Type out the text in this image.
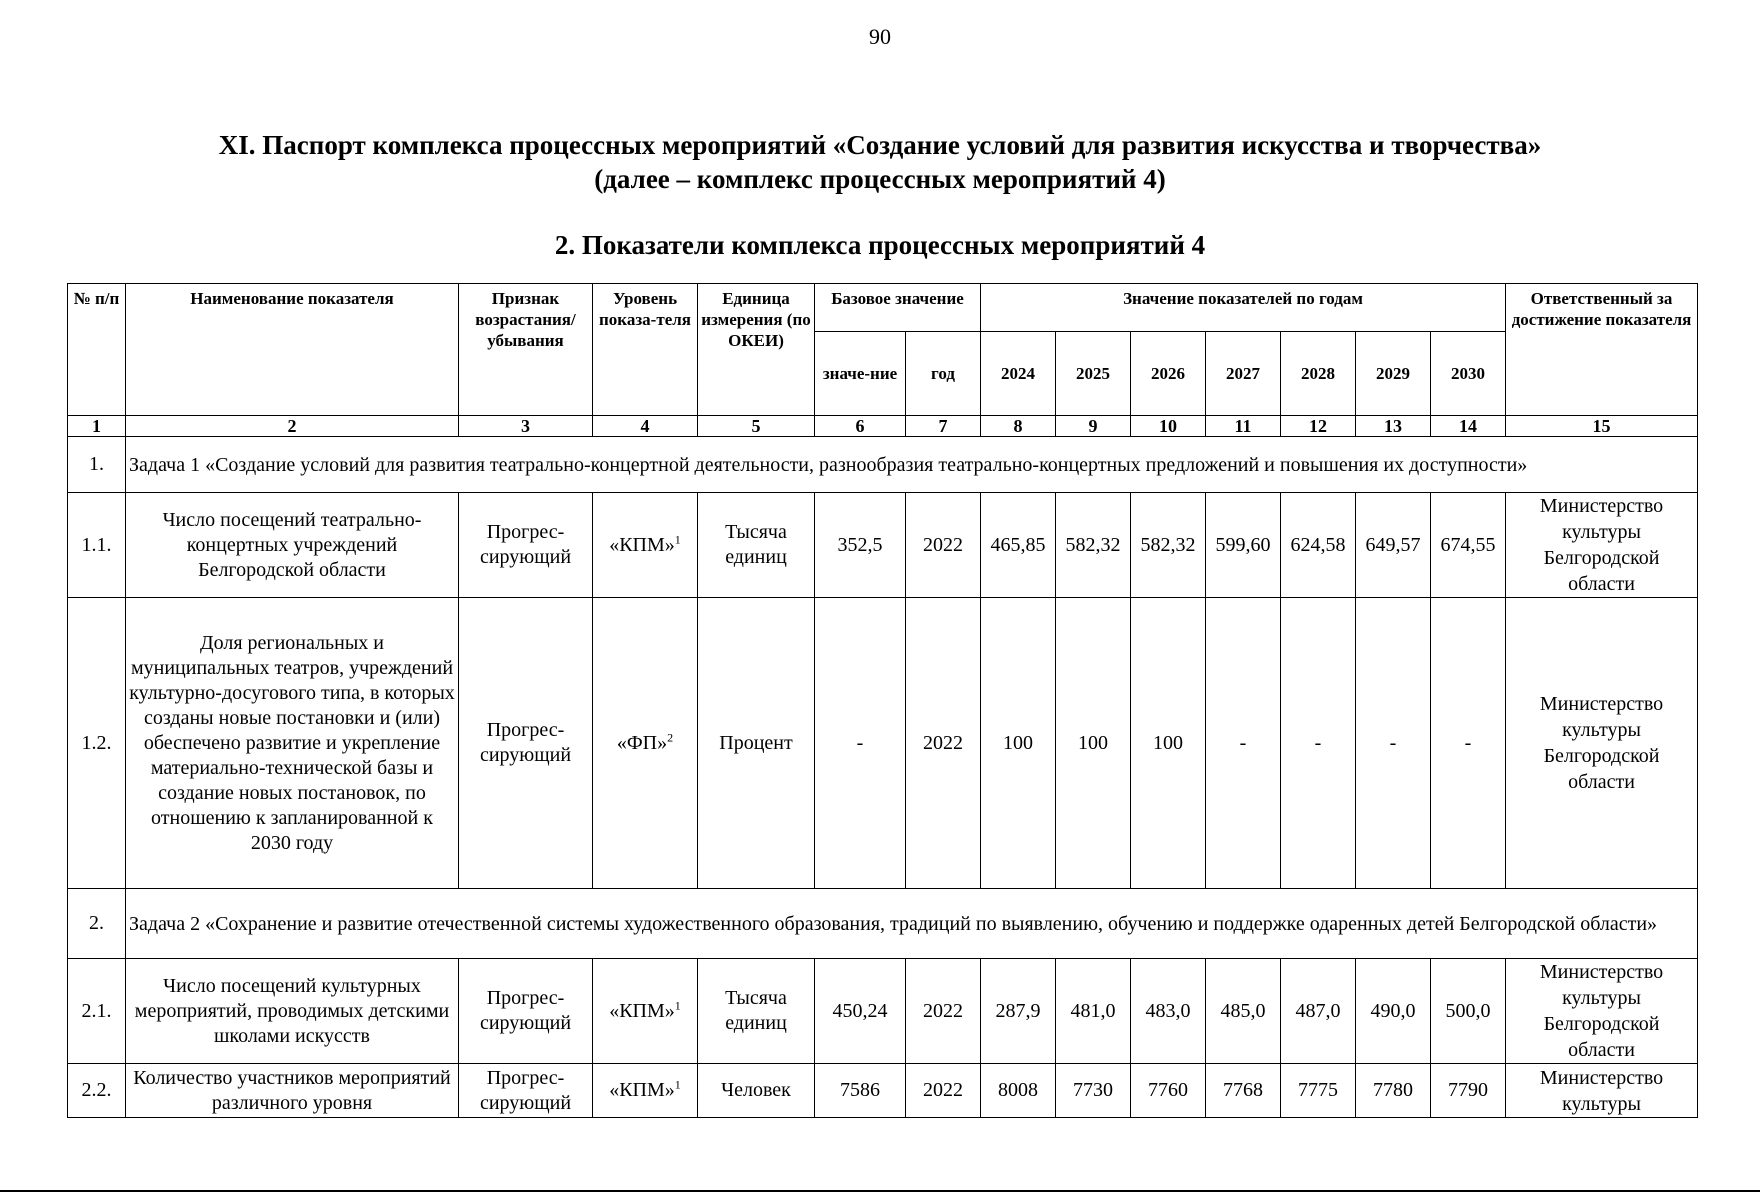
90
XI. Паспорт комплекса процессных мероприятий «Создание условий для развития искусства и творчества»
(далее – комплекс процессных мероприятий 4)
2. Показатели комплекса процессных мероприятий 4
№ п/п	Наименование показателя	Признак возрастания/ убывания	Уровень показа-теля	Единица измерения (по ОКЕИ)	Базовое значение		Значение показателей по годам							Ответственный за достижение показателя
					значе-ние	год	2024	2025	2026	2027	2028	2029	2030	
1	2	3	4	5	6	7	8	9	10	11	12	13	14	15
1.	Задача 1 «Создание условий для развития театрально-концертной деятельности, разнообразия театрально-концертных предложений и повышения их доступности»													
1.1.	Число посещений театрально-концертных учреждений Белгородской области	Прогрес-сирующий	«КПМ»$^1$	Тысяча единиц	352,5	2022	465,85	582,32	582,32	599,60	624,58	649,57	674,55	Министерство культуры Белгородской области
1.2.	Доля региональных и муниципальных театров, учреждений культурно-досугового типа, в которых созданы новые постановки и (или) обеспечено развитие и укрепление материально-технической базы и создание новых постановок, по отношению к запланированной к 2030 году	Прогрес-сирующий	«ФП»$^2$	Процент	-	2022	100	100	100	-	-	-	-	Министерство культуры Белгородской области
2.	Задача 2 «Сохранение и развитие отечественной системы художественного образования, традиций по выявлению, обучению и поддержке одаренных детей Белгородской области»													
2.1.	Число посещений культурных мероприятий, проводимых детскими школами искусств	Прогрес-сирующий	«КПМ»$^1$	Тысяча единиц	450,24	2022	287,9	481,0	483,0	485,0	487,0	490,0	500,0	Министерство культуры Белгородской области
2.2.	Количество участников мероприятий различного уровня	Прогрес-сирующий	«КПМ»$^1$	Человек	7586	2022	8008	7730	7760	7768	7775	7780	7790	Министерство культуры
